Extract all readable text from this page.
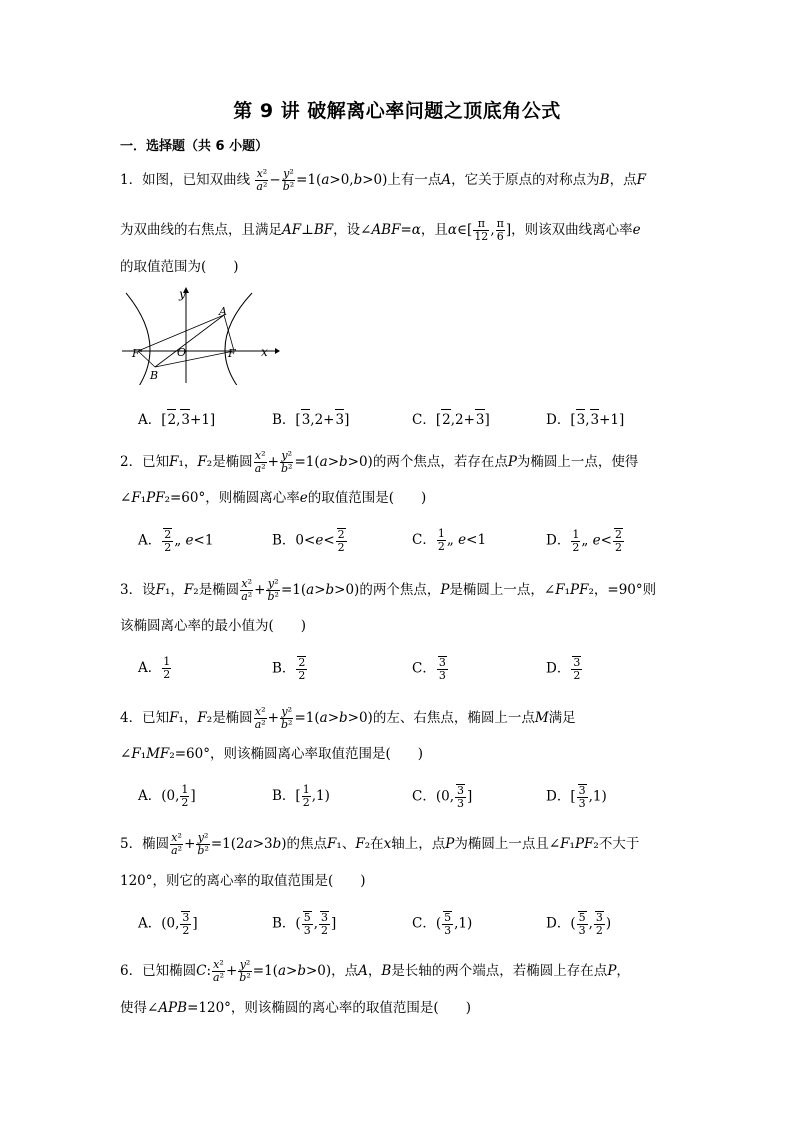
第 9 讲 破解离心率问题之顶底角公式
一．选择题（共 6 小题）
1．如图，已知双曲线 $\frac{\text{x²}}{\text{a²}} - \frac{\text{y²}}{\text{b²}} =1(a>0,b>0)$上有一点A，它关于原点的对称点为B，点F
为双曲线的右焦点，且满足AF⊥BF，设∠ABF=α，且α∈[ $\frac{\pi}{12}$ , $\frac{\pi}{6}$ ]，则该双曲线离心率e
的取值范围为(　　)
y
x
A
B
O	F
F'
A．[2,3+1]	B．[3,2+3]	C．[2,2+3]	D．[3,3+1]
2．已知F₁，F₂是椭圆 $\frac{\text{x²}}{\text{a²}} + \frac{\text{y²}}{\text{b²}} =1(a>b>0)$的两个焦点，若存在点P为椭圆上一点，使得
∠F₁PF₂=60°，则椭圆离心率e的取值范围是(　　)
A． $\frac{2}{2}$ „ e<1	B．$0<e< \frac{2}{2}$	C． $\frac{1}{2}$ „ e<1	D． $\frac{1}{2}$ „ $e< \frac{2}{2}$
3．设F₁，F₂是椭圆 $\frac{\text{x²}}{\text{a²}} + \frac{\text{y²}}{\text{b²}} =1(a>b>0)$的两个焦点，P是椭圆上一点，∠F₁PF₂，=90°则
该椭圆离心率的最小值为(　　)
A． $\frac{1}{2}$	B． $\frac{2}{2}$	C． $\frac{3}{3}$	D． $\frac{3}{2}$
4．已知F₁，F₂是椭圆 $\frac{\text{x²}}{\text{a²}} + \frac{\text{y²}}{\text{b²}} =1(a>b>0)$的左、右焦点，椭圆上一点M满足
∠F₁MF₂=60°，则该椭圆离心率取值范围是(　　)
A．(0, $\frac{1}{2}$ ]	B．[ $\frac{1}{2} ,1$)	C．(0, $\frac{3}{3}$ ]	D．[ $\frac{3}{3} ,1$)
5．椭圆 $\frac{\text{x²}}{\text{a²}} + \frac{\text{y²}}{\text{b²}} =1(2a>3b)$的焦点F₁、F₂在x轴上，点P为椭圆上一点且∠F₁PF₂不大于
120°，则它的离心率的取值范围是(　　)
A．(0, $\frac{3}{2}$ ]	B．( $\frac{5}{3}$ , $\frac{3}{2}$ ]	C．( $\frac{5}{3} ,1$)	D．( $\frac{5}{3}$ , $\frac{3}{2}$ )
6．已知椭圆C: $\frac{\text{x²}}{\text{a²}} + \frac{\text{y²}}{\text{b²}} =1(a>b>0)$，点A，B是长轴的两个端点，若椭圆上存在点P，
使得∠APB=120°，则该椭圆的离心率的取值范围是(　　)
